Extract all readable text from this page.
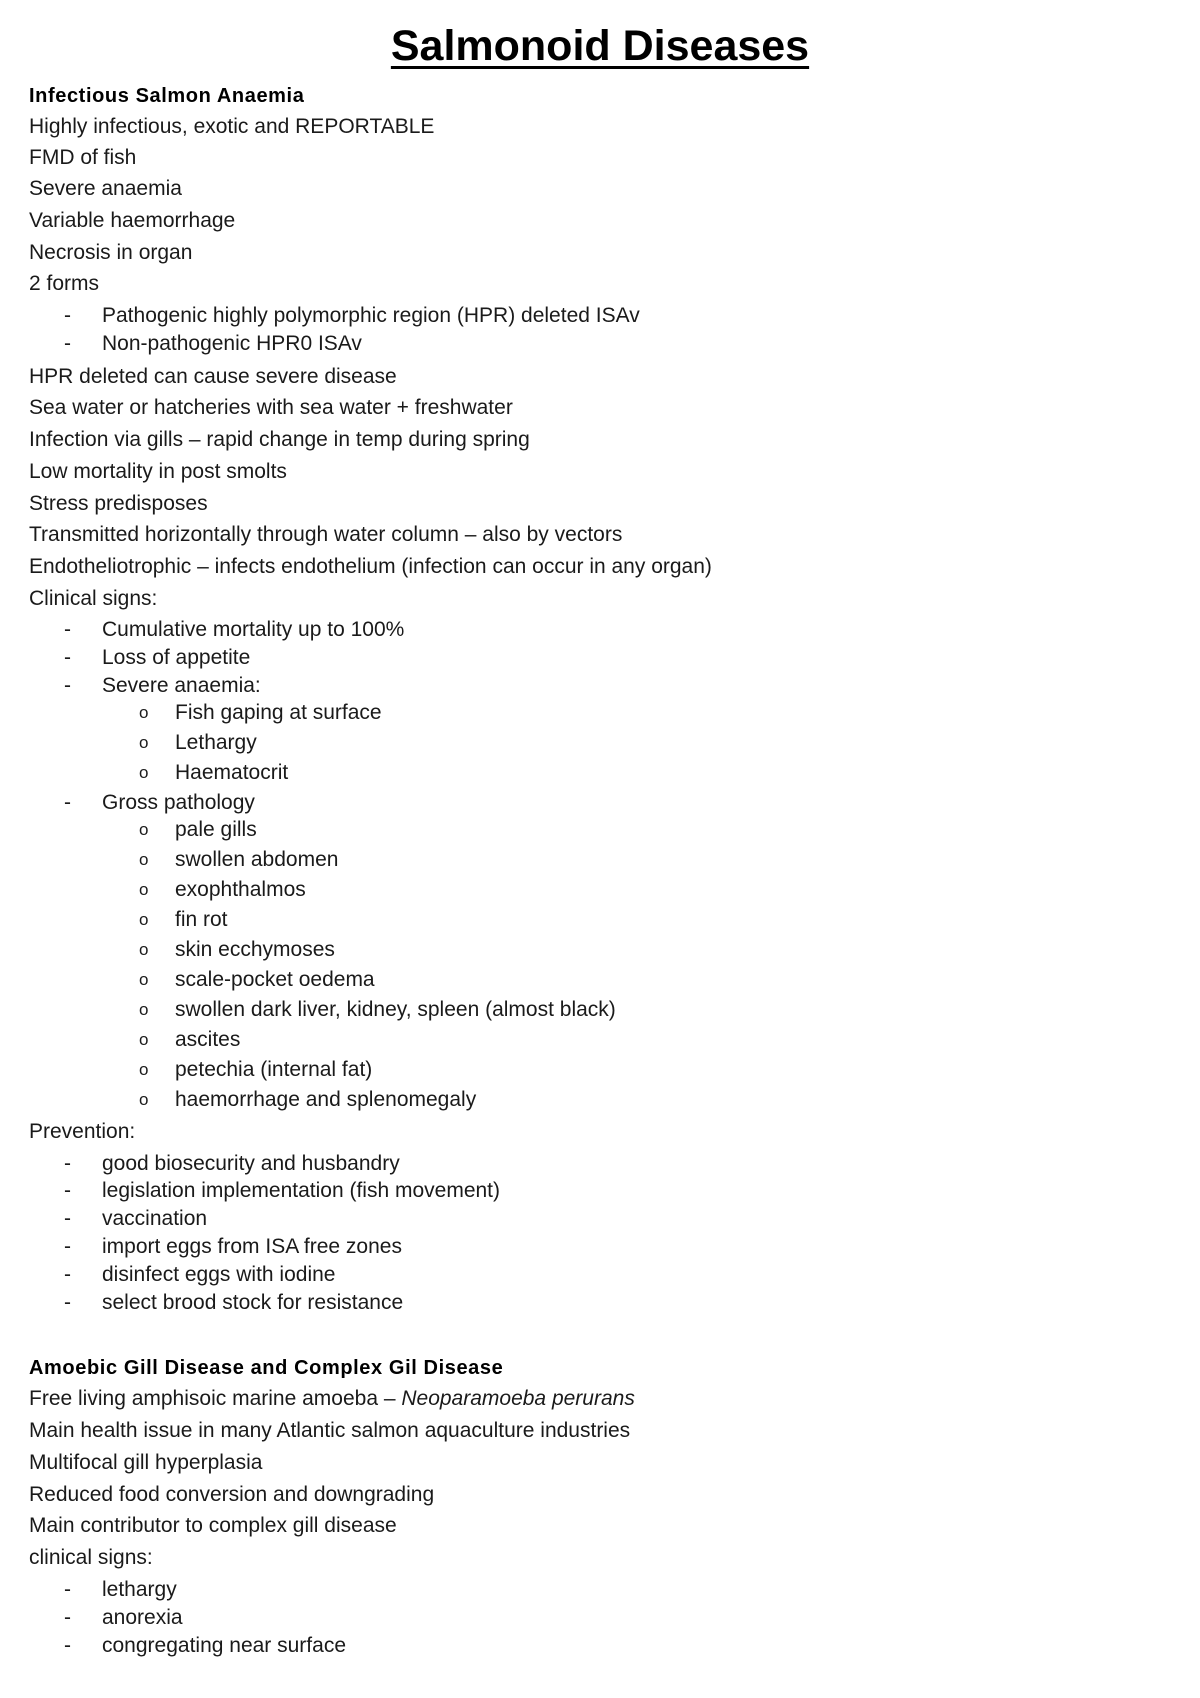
Salmonoid Diseases
Infectious Salmon Anaemia
Highly infectious, exotic and REPORTABLE
FMD of fish
Severe anaemia
Variable haemorrhage
Necrosis in organ
2 forms
- Pathogenic highly polymorphic region (HPR) deleted ISAv
- Non-pathogenic HPR0 ISAv
HPR deleted can cause severe disease
Sea water or hatcheries with sea water + freshwater
Infection via gills – rapid change in temp during spring
Low mortality in post smolts
Stress predisposes
Transmitted horizontally through water column – also by vectors
Endotheliotrophic – infects endothelium (infection can occur in any organ)
Clinical signs:
- Cumulative mortality up to 100%
- Loss of appetite
- Severe anaemia:
o Fish gaping at surface
o Lethargy
o Haematocrit
- Gross pathology
o pale gills
o swollen abdomen
o exophthalmos
o fin rot
o skin ecchymoses
o scale-pocket oedema
o swollen dark liver, kidney, spleen (almost black)
o ascites
o petechia (internal fat)
o haemorrhage and splenomegaly
Prevention:
- good biosecurity and husbandry
- legislation implementation (fish movement)
- vaccination
- import eggs from ISA free zones
- disinfect eggs with iodine
- select brood stock for resistance
Amoebic Gill Disease and Complex Gil Disease
Free living amphisoic marine amoeba – Neoparamoeba perurans
Main health issue in many Atlantic salmon aquaculture industries
Multifocal gill hyperplasia
Reduced food conversion and downgrading
Main contributor to complex gill disease
clinical signs:
- lethargy
- anorexia
- congregating near surface
